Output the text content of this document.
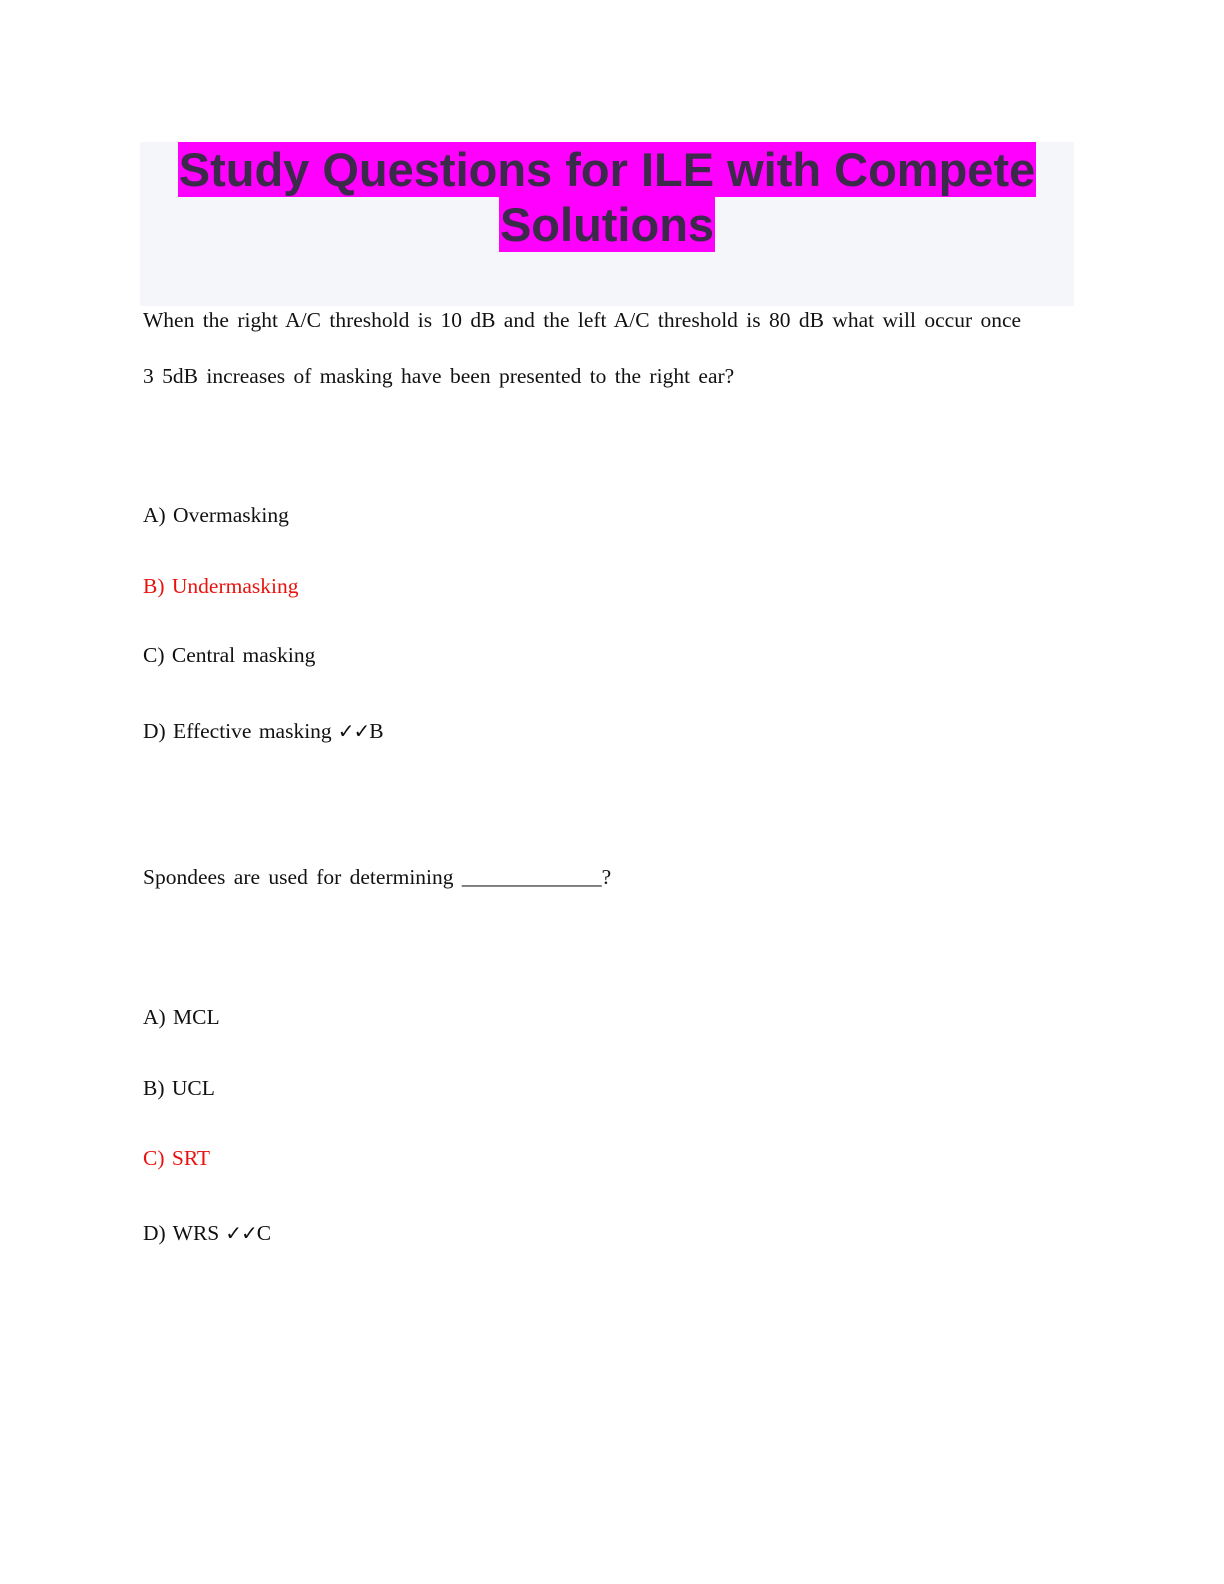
Study Questions for ILE with Compete
Solutions
When the right A/C threshold is 10 dB and the left A/C threshold is 80 dB what will occur once
3 5dB increases of masking have been presented to the right ear?
A) Overmasking
B) Undermasking
C) Central masking
D) Effective masking ✓✓B
Spondees are used for determining _____________?
A) MCL
B) UCL
C) SRT
D) WRS ✓✓C
